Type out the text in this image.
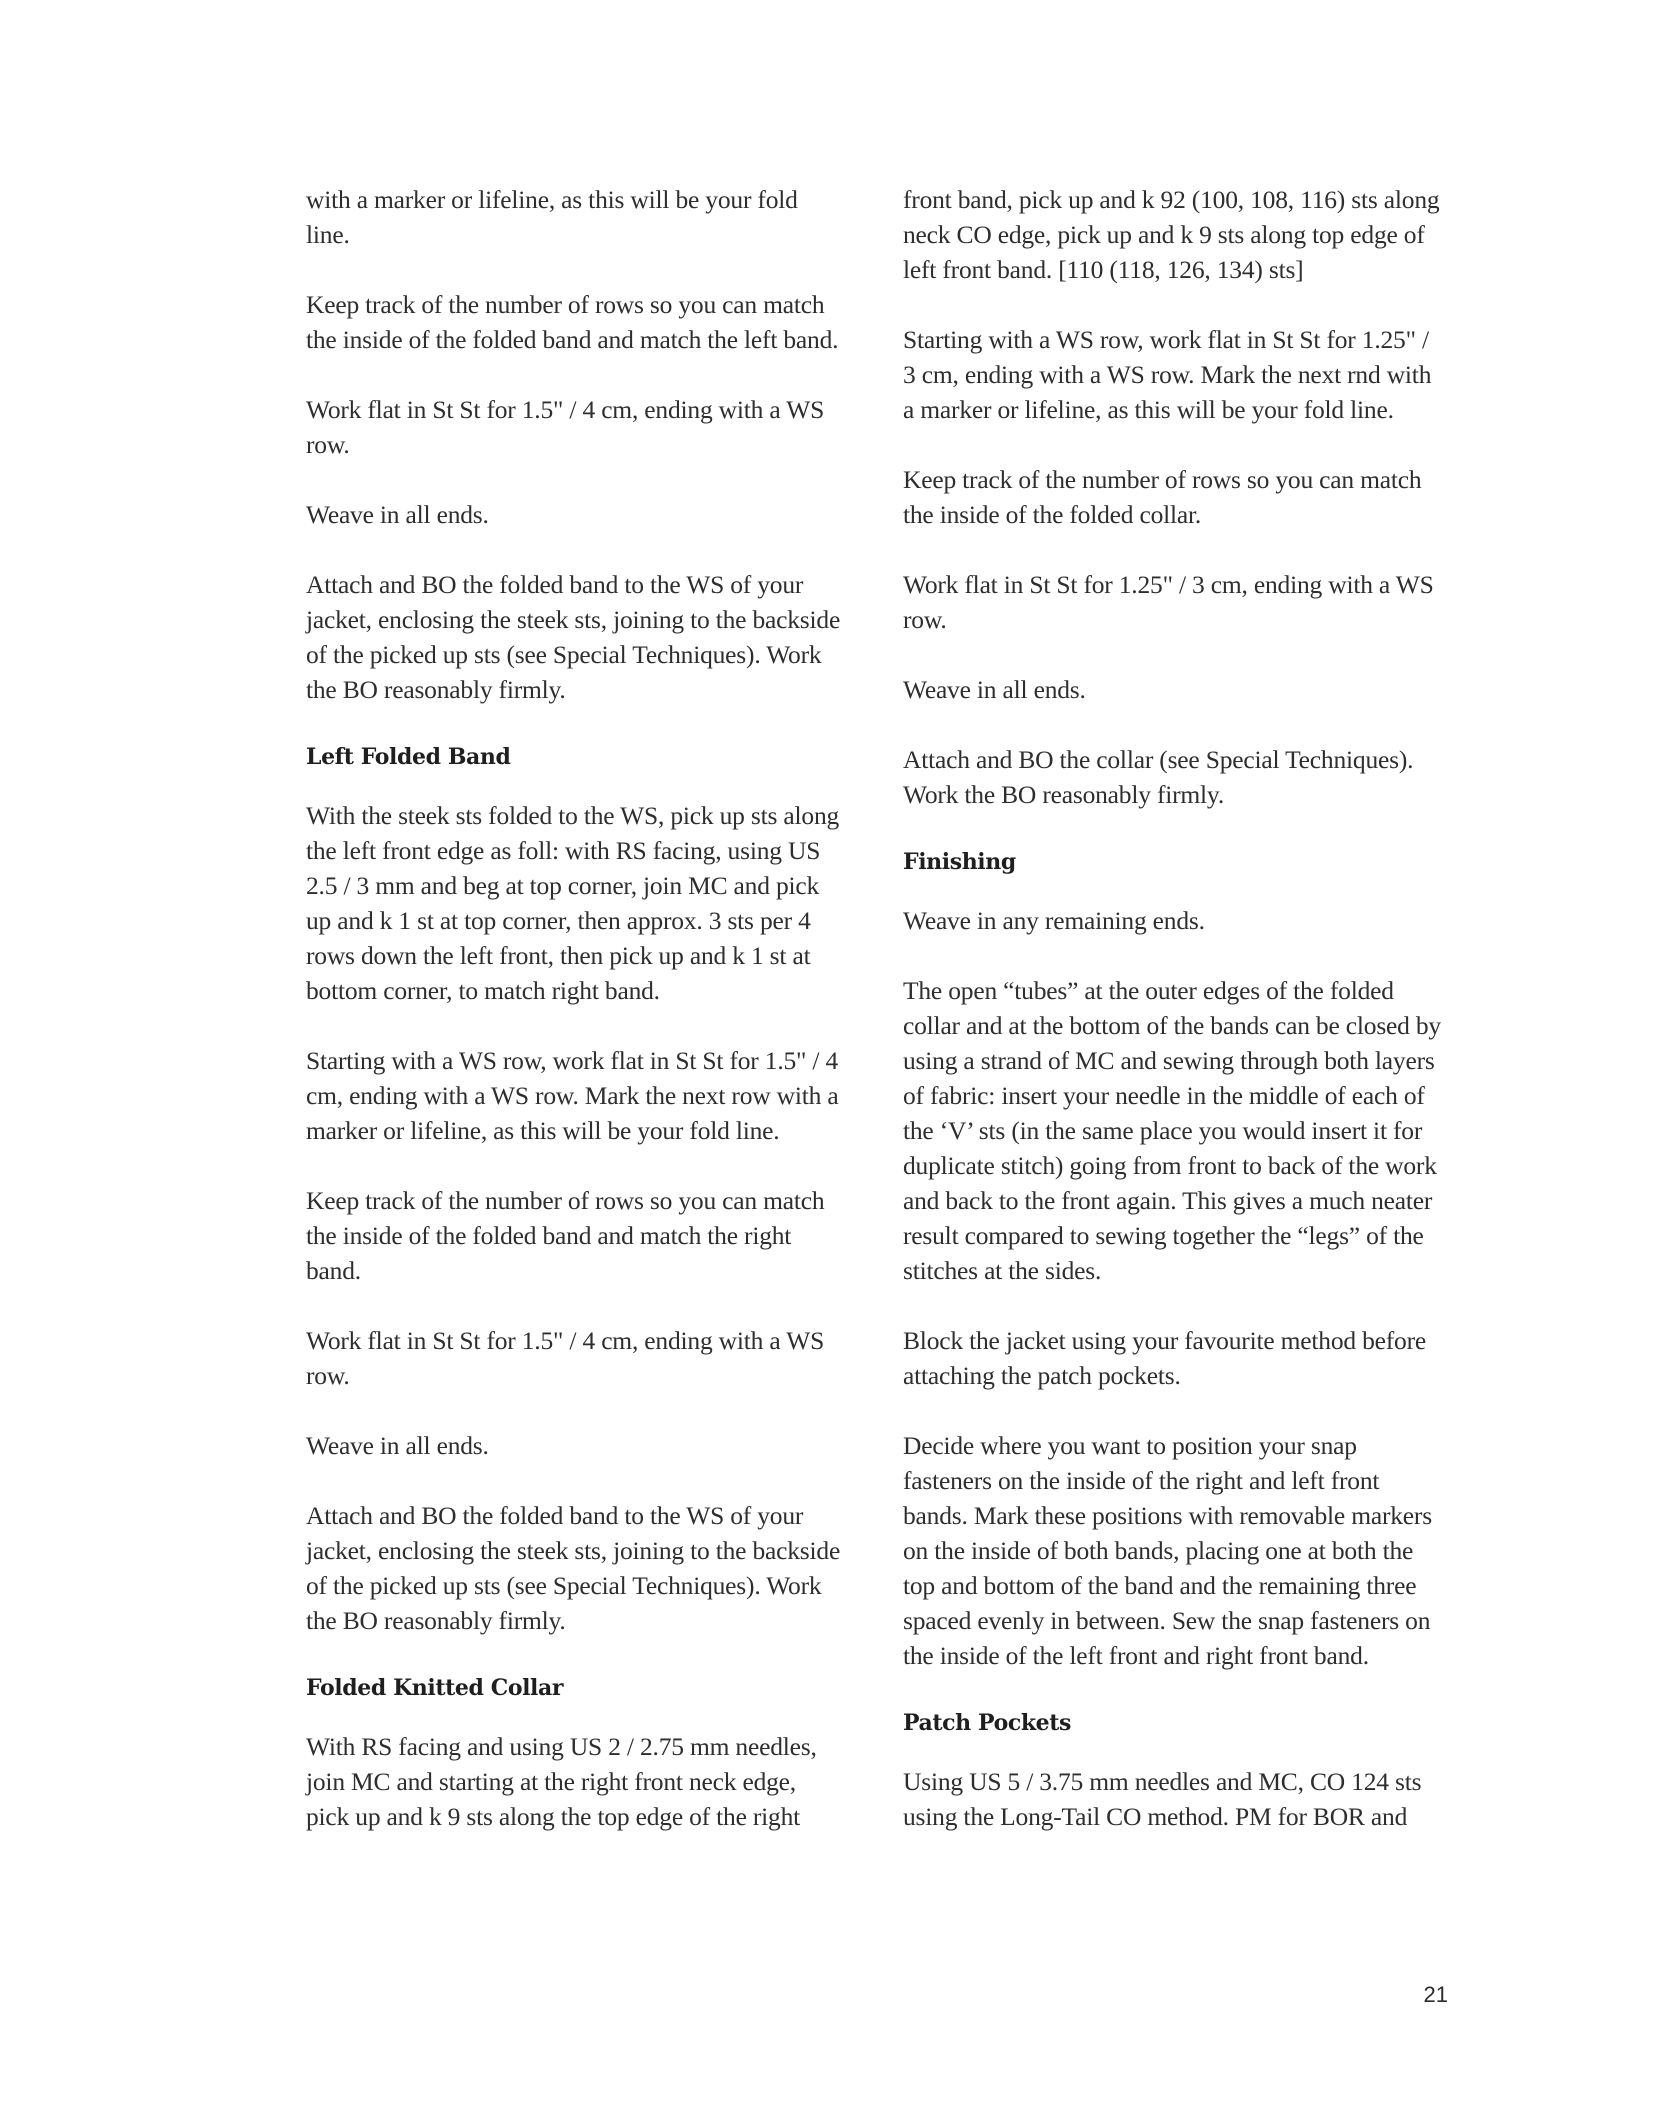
with a marker or lifeline, as this will be your fold line.

Keep track of the number of rows so you can match the inside of the folded band and match the left band.

Work flat in St St for 1.5" / 4 cm, ending with a WS row.

Weave in all ends.

Attach and BO the folded band to the WS of your jacket, enclosing the steek sts, joining to the backside of the picked up sts (see Special Techniques). Work the BO reasonably firmly.

Left Folded Band

With the steek sts folded to the WS, pick up sts along the left front edge as foll: with RS facing, using US 2.5 / 3 mm and beg at top corner, join MC and pick up and k 1 st at top corner, then approx. 3 sts per 4 rows down the left front, then pick up and k 1 st at bottom corner, to match right band.

Starting with a WS row, work flat in St St for 1.5" / 4 cm, ending with a WS row. Mark the next row with a marker or lifeline, as this will be your fold line.

Keep track of the number of rows so you can match the inside of the folded band and match the right band.

Work flat in St St for 1.5" / 4 cm, ending with a WS row.

Weave in all ends.

Attach and BO the folded band to the WS of your jacket, enclosing the steek sts, joining to the backside of the picked up sts (see Special Techniques). Work the BO reasonably firmly.

Folded Knitted Collar

With RS facing and using US 2 / 2.75 mm needles, join MC and starting at the right front neck edge, pick up and k 9 sts along the top edge of the right

front band, pick up and k 92 (100, 108, 116) sts along neck CO edge, pick up and k 9 sts along top edge of left front band. [110 (118, 126, 134) sts]

Starting with a WS row, work flat in St St for 1.25" / 3 cm, ending with a WS row. Mark the next rnd with a marker or lifeline, as this will be your fold line.

Keep track of the number of rows so you can match the inside of the folded collar.

Work flat in St St for 1.25" / 3 cm, ending with a WS row.

Weave in all ends.

Attach and BO the collar (see Special Techniques). Work the BO reasonably firmly.

Finishing

Weave in any remaining ends.

The open “tubes” at the outer edges of the folded collar and at the bottom of the bands can be closed by using a strand of MC and sewing through both layers of fabric: insert your needle in the middle of each of the ‘V’ sts (in the same place you would insert it for duplicate stitch) going from front to back of the work and back to the front again. This gives a much neater result compared to sewing together the “legs” of the stitches at the sides.

Block the jacket using your favourite method before attaching the patch pockets.

Decide where you want to position your snap fasteners on the inside of the right and left front bands. Mark these positions with removable markers on the inside of both bands, placing one at both the top and bottom of the band and the remaining three spaced evenly in between. Sew the snap fasteners on the inside of the left front and right front band.

Patch Pockets

Using US 5 / 3.75 mm needles and MC, CO 124 sts using the Long-Tail CO method. PM for BOR and

21
